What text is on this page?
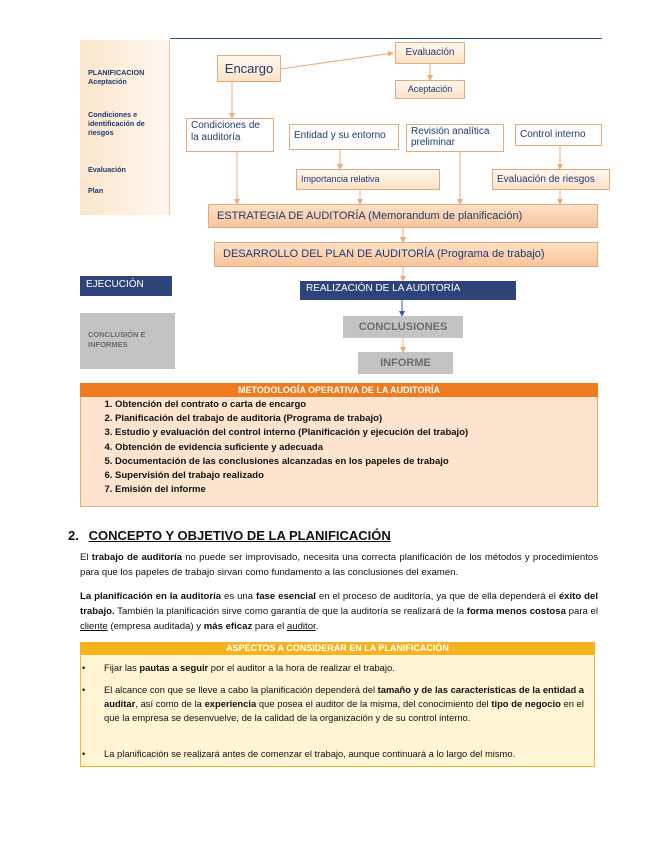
PLANIFICACION
Aceptación
Condiciones e identificación de riesgos
Evaluación
Plan
Encargo
Evaluación
Aceptación
Condiciones de la auditoría	Entidad y su entorno	Revisión analítica preliminar
Control interno
Importancia relativa	Evaluación de riesgos
ESTRATEGIA DE AUDITORÍA (Memorandum de planificación)
DESARROLLO DEL PLAN DE AUDITORÍA (Programa de trabajo)
EJECUCIÓN	REALIZACIÓN DE LA AUDITORÍA
CONCLUSIÓN E INFORMES
CONCLUSIONES
INFORME
1. Obtención del contrato o carta de encargo
2. Planificación del trabajo de auditoría (Programa de trabajo)
3. Estudio y evaluación del control interno (Planificación y ejecución del trabajo)
4. Obtención de evidencia suficiente y adecuada
5. Documentación de las conclusiones alcanzadas en los papeles de trabajo
6. Supervisión del trabajo realizado
7. Emisión del informe
METODOLOGÍA OPERATIVA DE LA AUDITORÍA
2. CONCEPTO Y OBJETIVO DE LA PLANIFICACIÓN
El trabajo de auditoría no puede ser improvisado, necesita una correcta planificación de los métodos y procedimientos para que los papeles de trabajo sirvan como fundamento a las conclusiones del examen.
La planificación en la auditoría es una fase esencial en el proceso de auditoría, ya que de ella dependerá el éxito del trabajo. También la planificación sirve como garantía de que la auditoría se realizará de la forma menos costosa para el cliente (empresa auditada) y más eficaz para el auditor.
• Fijar las pautas a seguir por el auditor a la hora de realizar el trabajo.
• El alcance con que se lleve a cabo la planificación dependerá del tamaño y de las características de la entidad a auditar, así como de la experiencia que posea el auditor de la misma, del conocimiento del tipo de negocio en el que la empresa se desenvuelve, de la calidad de la organización y de su control interno.
• La planificación se realizará antes de comenzar el trabajo, aunque continuará a lo largo del mismo.
ASPECTOS A CONSIDERAR EN LA PLANIFICACIÓN
